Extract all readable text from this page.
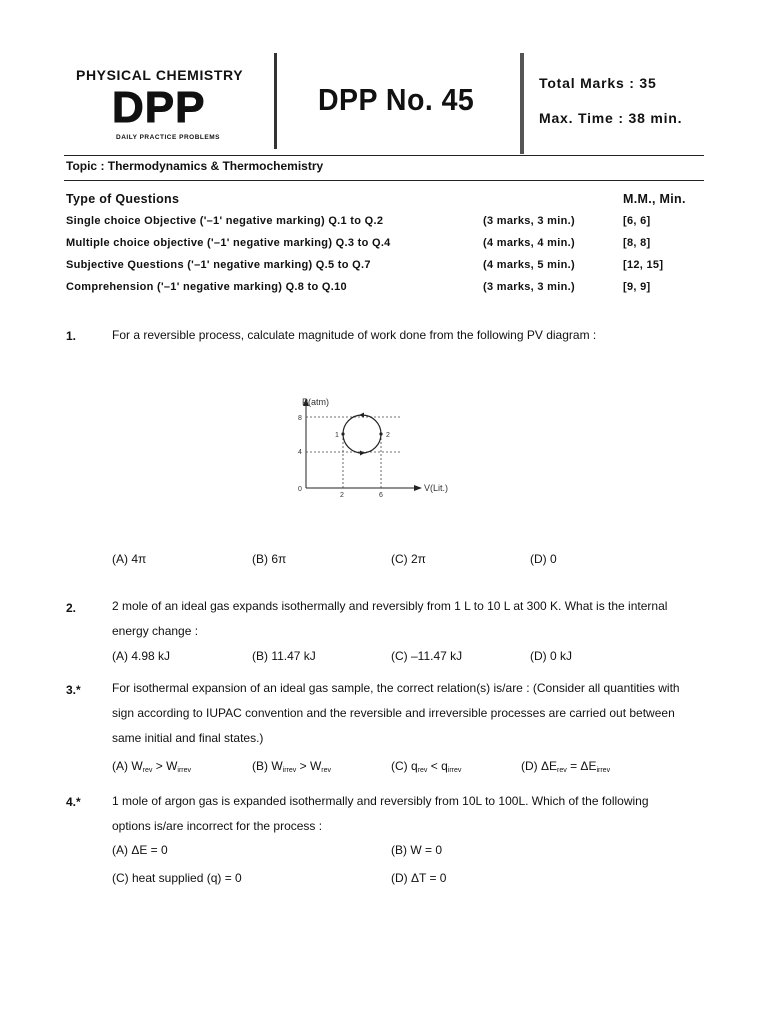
PHYSICAL CHEMISTRY
DPP
DAILY PRACTICE PROBLEMS
DPP No. 45	Total Marks : 35
Max. Time : 38 min.
Topic : Thermodynamics & Thermochemistry
Type of Questions	M.M., Min.
Single choice Objective ('–1' negative marking) Q.1 to Q.2	(3 marks, 3 min.)	[6, 6]
Multiple choice objective ('–1' negative marking) Q.3 to Q.4	(4 marks, 4 min.)	[8, 8]
Subjective Questions ('–1' negative marking) Q.5 to Q.7	(4 marks, 5 min.)	[12, 15]
Comprehension ('–1' negative marking) Q.8 to Q.10	(3 marks, 3 min.)	[9, 9]
1.	For a reversible process, calculate magnitude of work done from the following PV diagram :
P(atm)
V(Lit.)
8
4
0
2	6
1	2
(A) 4π	(B) 6π	(C) 2π	(D) 0
2.	2 mole of an ideal gas expands isothermally and reversibly from 1 L to 10 L at 300 K. What is the internal
energy change :
(A) 4.98 kJ	(B) 11.47 kJ	(C) –11.47 kJ	(D) 0 kJ
3.*	For isothermal expansion of an ideal gas sample, the correct relation(s) is/are : (Consider all quantities with
sign according to IUPAC convention and the reversible and irreversible processes are carried out between
same initial and final states.)
(A) $W_{rev} > W_{irrev}$	(B) $W_{irrev} > W_{rev}$	(C) $q_{rev} < q_{irrev}$	(D) $\Delta E_{rev} = \Delta E_{irrev}$
4.*	1 mole of argon gas is expanded isothermally and reversibly from 10L to 100L. Which of the following
options is/are incorrect for the process :
(A) ΔE = 0	(B) W = 0
(C) heat supplied (q) = 0	(D) ΔT = 0
